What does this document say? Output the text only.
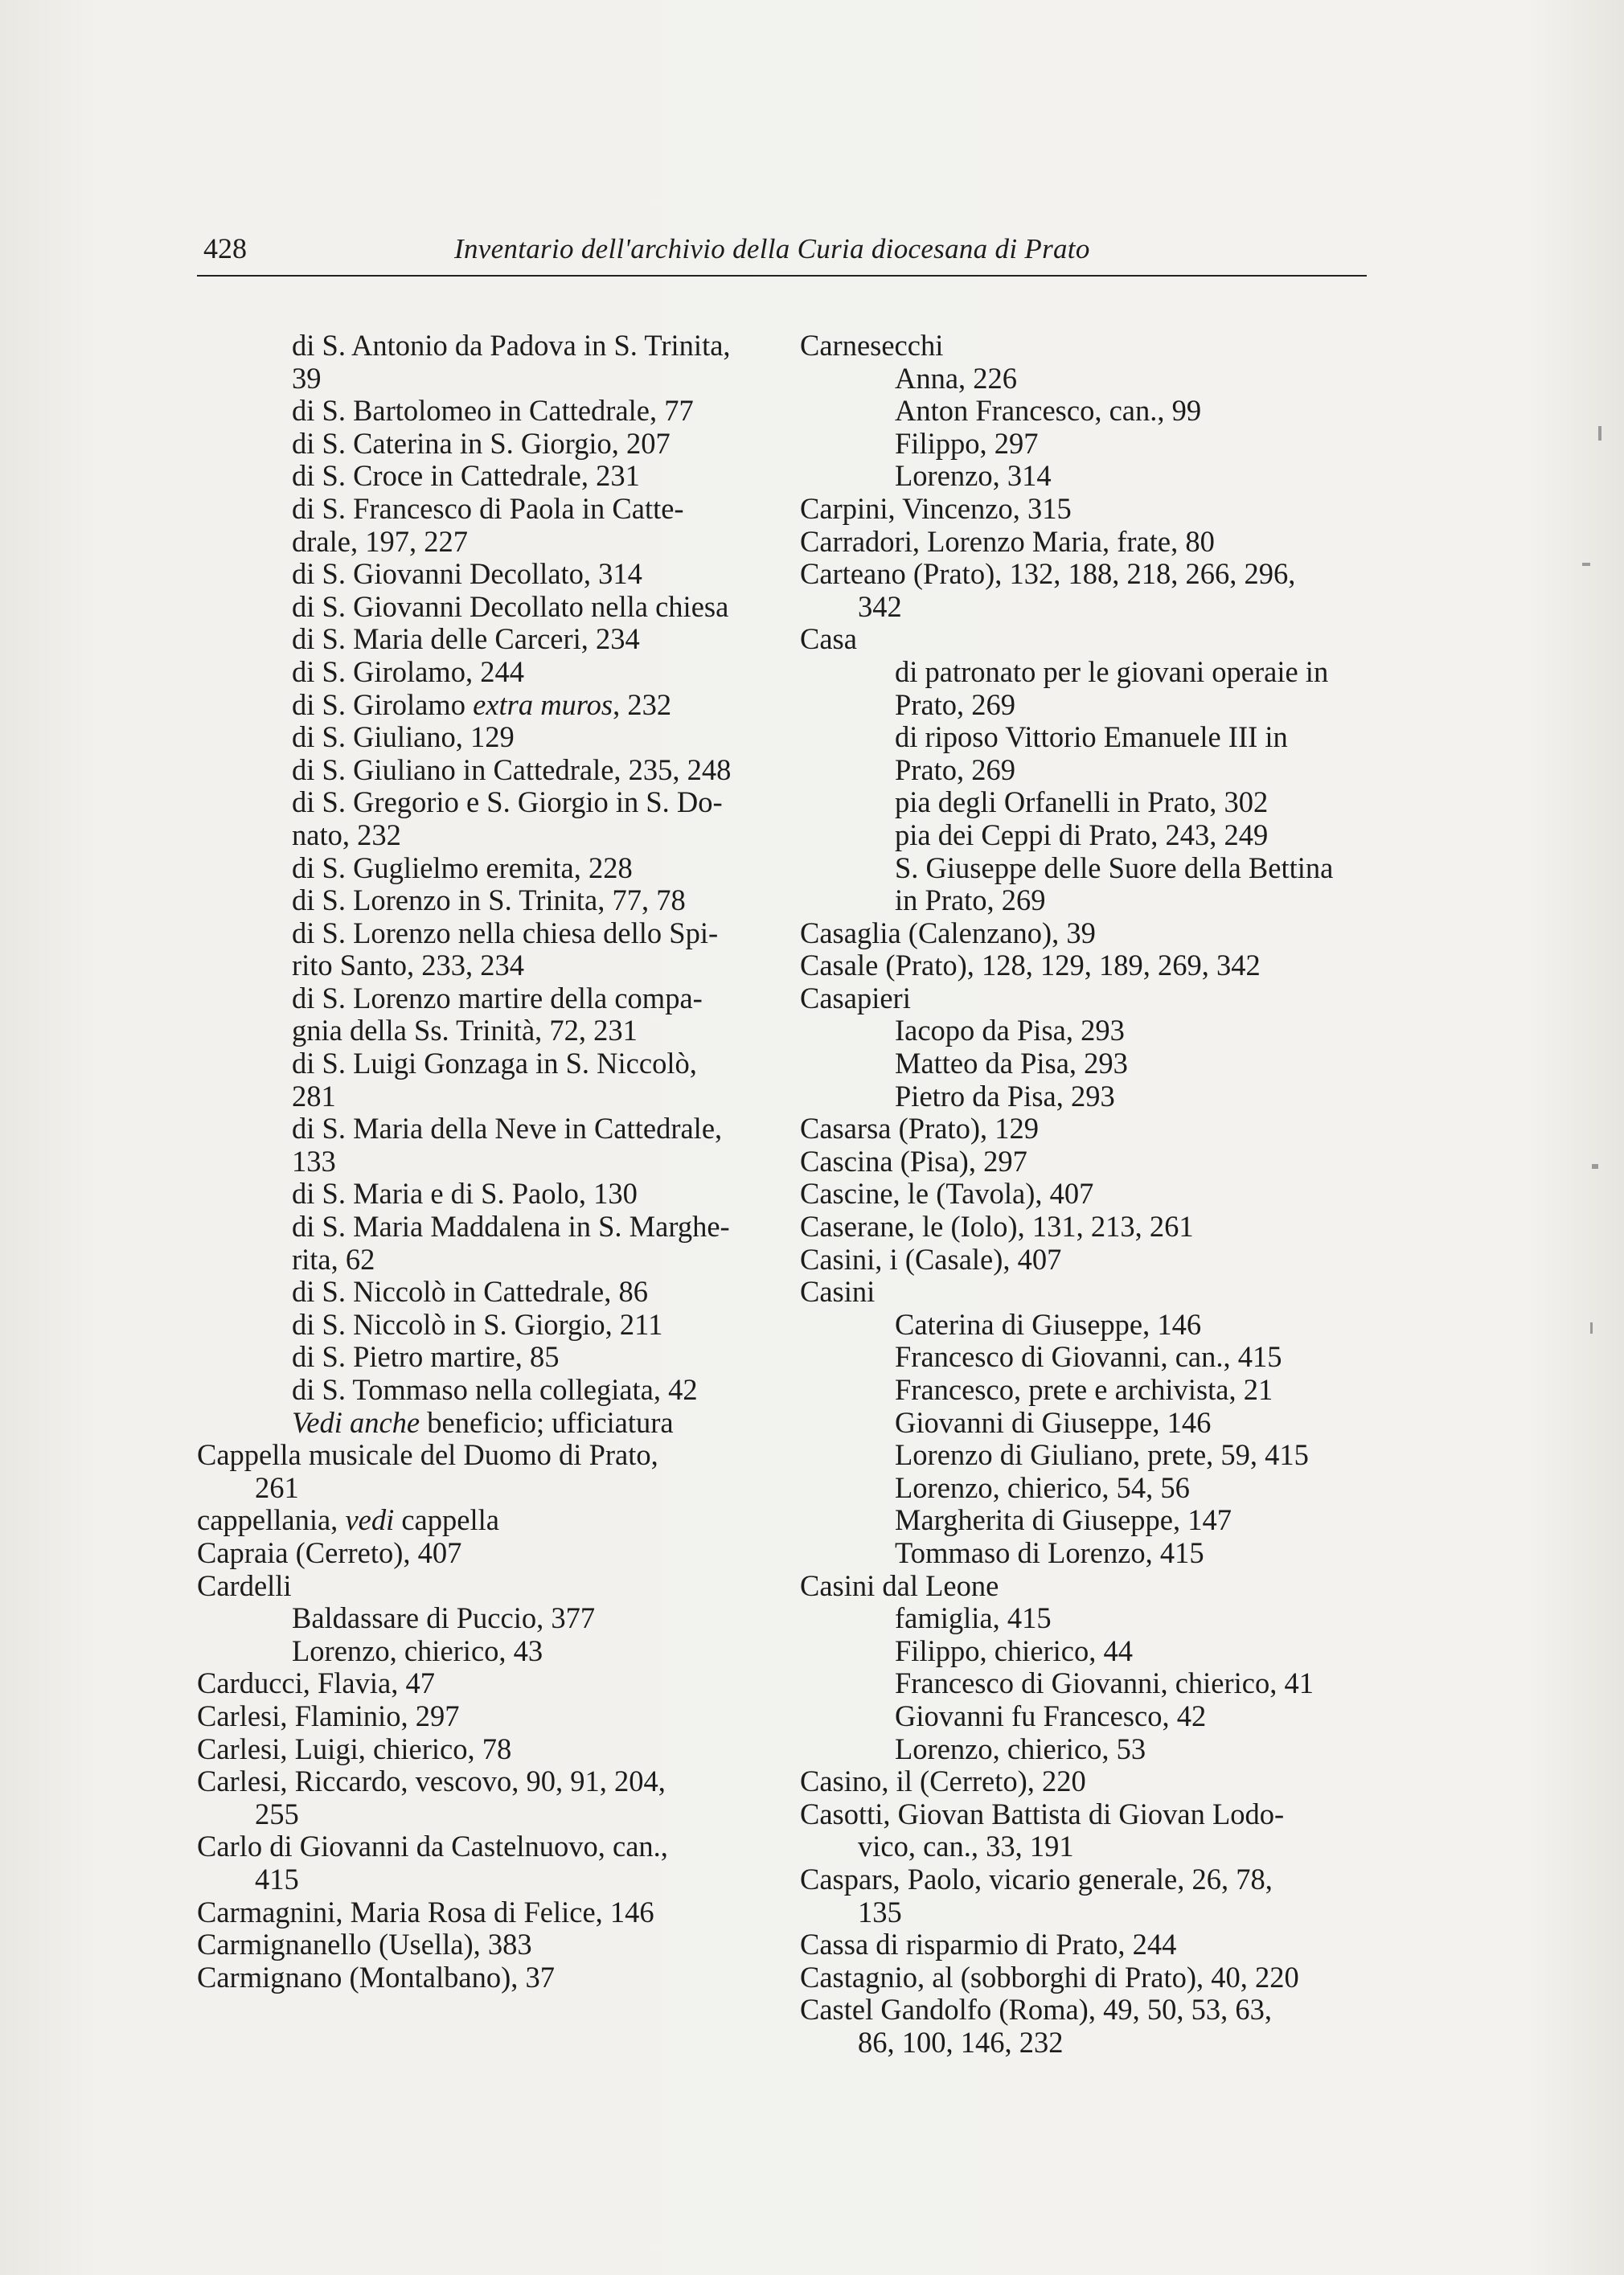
428	Inventario dell'archivio della Curia diocesana di Prato
di S. Antonio da Padova in S. Trinita,
39
di S. Bartolomeo in Cattedrale, 77
di S. Caterina in S. Giorgio, 207
di S. Croce in Cattedrale, 231
di S. Francesco di Paola in Catte-
drale, 197, 227
di S. Giovanni Decollato, 314
di S. Giovanni Decollato nella chiesa
di S. Maria delle Carceri, 234
di S. Girolamo, 244
di S. Girolamo extra muros, 232
di S. Giuliano, 129
di S. Giuliano in Cattedrale, 235, 248
di S. Gregorio e S. Giorgio in S. Do-
nato, 232
di S. Guglielmo eremita, 228
di S. Lorenzo in S. Trinita, 77, 78
di S. Lorenzo nella chiesa dello Spi-
rito Santo, 233, 234
di S. Lorenzo martire della compa-
gnia della Ss. Trinità, 72, 231
di S. Luigi Gonzaga in S. Niccolò,
281
di S. Maria della Neve in Cattedrale,
133
di S. Maria e di S. Paolo, 130
di S. Maria Maddalena in S. Marghe-
rita, 62
di S. Niccolò in Cattedrale, 86
di S. Niccolò in S. Giorgio, 211
di S. Pietro martire, 85
di S. Tommaso nella collegiata, 42
Vedi anche beneficio; ufficiatura
Cappella musicale del Duomo di Prato,
261
cappellania, vedi cappella
Capraia (Cerreto), 407
Cardelli
Baldassare di Puccio, 377
Lorenzo, chierico, 43
Carducci, Flavia, 47
Carlesi, Flaminio, 297
Carlesi, Luigi, chierico, 78
Carlesi, Riccardo, vescovo, 90, 91, 204,
255
Carlo di Giovanni da Castelnuovo, can.,
415
Carmagnini, Maria Rosa di Felice, 146
Carmignanello (Usella), 383
Carmignano (Montalbano), 37
Carnesecchi
Anna, 226
Anton Francesco, can., 99
Filippo, 297
Lorenzo, 314
Carpini, Vincenzo, 315
Carradori, Lorenzo Maria, frate, 80
Carteano (Prato), 132, 188, 218, 266, 296,
342
Casa
di patronato per le giovani operaie in
Prato, 269
di riposo Vittorio Emanuele III in
Prato, 269
pia degli Orfanelli in Prato, 302
pia dei Ceppi di Prato, 243, 249
S. Giuseppe delle Suore della Bettina
in Prato, 269
Casaglia (Calenzano), 39
Casale (Prato), 128, 129, 189, 269, 342
Casapieri
Iacopo da Pisa, 293
Matteo da Pisa, 293
Pietro da Pisa, 293
Casarsa (Prato), 129
Cascina (Pisa), 297
Cascine, le (Tavola), 407
Caserane, le (Iolo), 131, 213, 261
Casini, i (Casale), 407
Casini
Caterina di Giuseppe, 146
Francesco di Giovanni, can., 415
Francesco, prete e archivista, 21
Giovanni di Giuseppe, 146
Lorenzo di Giuliano, prete, 59, 415
Lorenzo, chierico, 54, 56
Margherita di Giuseppe, 147
Tommaso di Lorenzo, 415
Casini dal Leone
famiglia, 415
Filippo, chierico, 44
Francesco di Giovanni, chierico, 41
Giovanni fu Francesco, 42
Lorenzo, chierico, 53
Casino, il (Cerreto), 220
Casotti, Giovan Battista di Giovan Lodo-
vico, can., 33, 191
Caspars, Paolo, vicario generale, 26, 78,
135
Cassa di risparmio di Prato, 244
Castagnio, al (sobborghi di Prato), 40, 220
Castel Gandolfo (Roma), 49, 50, 53, 63,
86, 100, 146, 232
